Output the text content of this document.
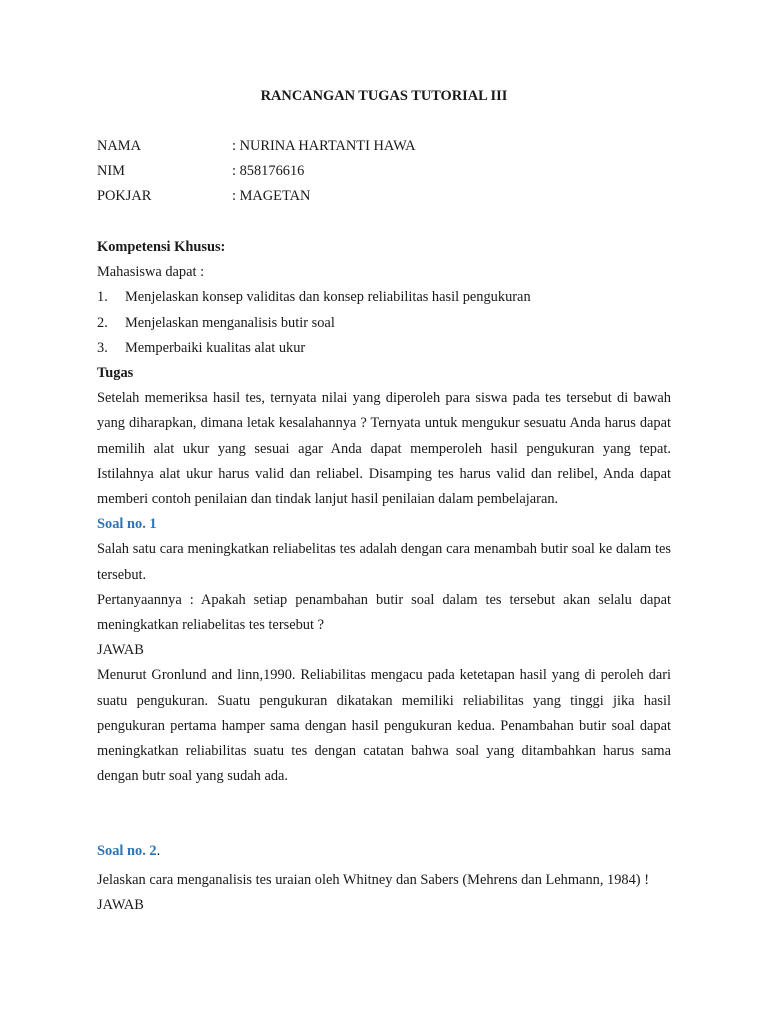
RANCANGAN TUGAS TUTORIAL III
NAMA	: NURINA HARTANTI HAWA
NIM	: 858176616
POKJAR	: MAGETAN

Kompetensi Khusus:

Mahasiswa dapat :

1.	Menjelaskan konsep validitas dan konsep reliabilitas hasil pengukuran
2.	Menjelaskan menganalisis butir soal
3.	Memperbaiki kualitas alat ukur

Tugas

Setelah memeriksa hasil tes, ternyata nilai yang diperoleh para siswa pada tes tersebut di bawah yang diharapkan, dimana letak kesalahannya ? Ternyata untuk mengukur sesuatu Anda harus dapat memilih alat ukur yang sesuai agar Anda dapat memperoleh hasil pengukuran yang tepat. Istilahnya alat ukur harus valid dan reliabel. Disamping tes harus valid dan relibel, Anda dapat memberi contoh penilaian dan tindak lanjut hasil penilaian dalam pembelajaran.

Soal no. 1

Salah satu cara meningkatkan reliabelitas tes adalah dengan cara menambah butir soal ke dalam tes tersebut.

Pertanyaannya : Apakah setiap penambahan butir soal dalam tes tersebut akan selalu dapat meningkatkan reliabelitas tes tersebut ?

JAWAB

Menurut Gronlund and linn,1990. Reliabilitas mengacu pada ketetapan hasil yang di peroleh dari suatu pengukuran. Suatu pengukuran dikatakan memiliki reliabilitas yang tinggi jika hasil pengukuran pertama hamper sama dengan hasil pengukuran kedua. Penambahan butir soal dapat meningkatkan reliabilitas suatu tes dengan catatan bahwa soal yang ditambahkan harus sama dengan butr soal yang sudah ada.

Soal no. 2.

Jelaskan cara menganalisis tes uraian oleh Whitney dan Sabers (Mehrens dan Lehmann, 1984) !

JAWAB
